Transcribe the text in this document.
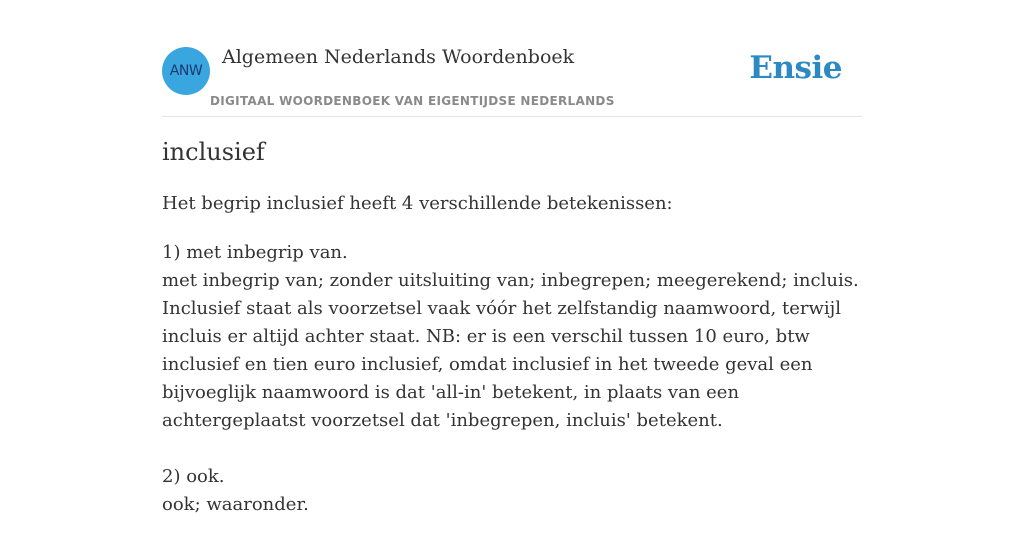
ANW
Algemeen Nederlands Woordenboek
DIGITAAL WOORDENBOEK VAN EIGENTIJDSE NEDERLANDS
Ensie
inclusief

Het begrip inclusief heeft 4 verschillende betekenissen:

1) met inbegrip van.

met inbegrip van; zonder uitsluiting van; inbegrepen; meegerekend; incluis. Inclusief staat als voorzetsel vaak vóór het zelfstandig naamwoord, terwijl incluis er altijd achter staat. NB: er is een verschil tussen 10 euro, btw inclusief en tien euro inclusief, omdat inclusief in het tweede geval een bijvoeglijk naamwoord is dat 'all-in' betekent, in plaats van een achtergeplaatst voorzetsel dat 'inbegrepen, incluis' betekent.

2) ook.

ook; waaronder.
